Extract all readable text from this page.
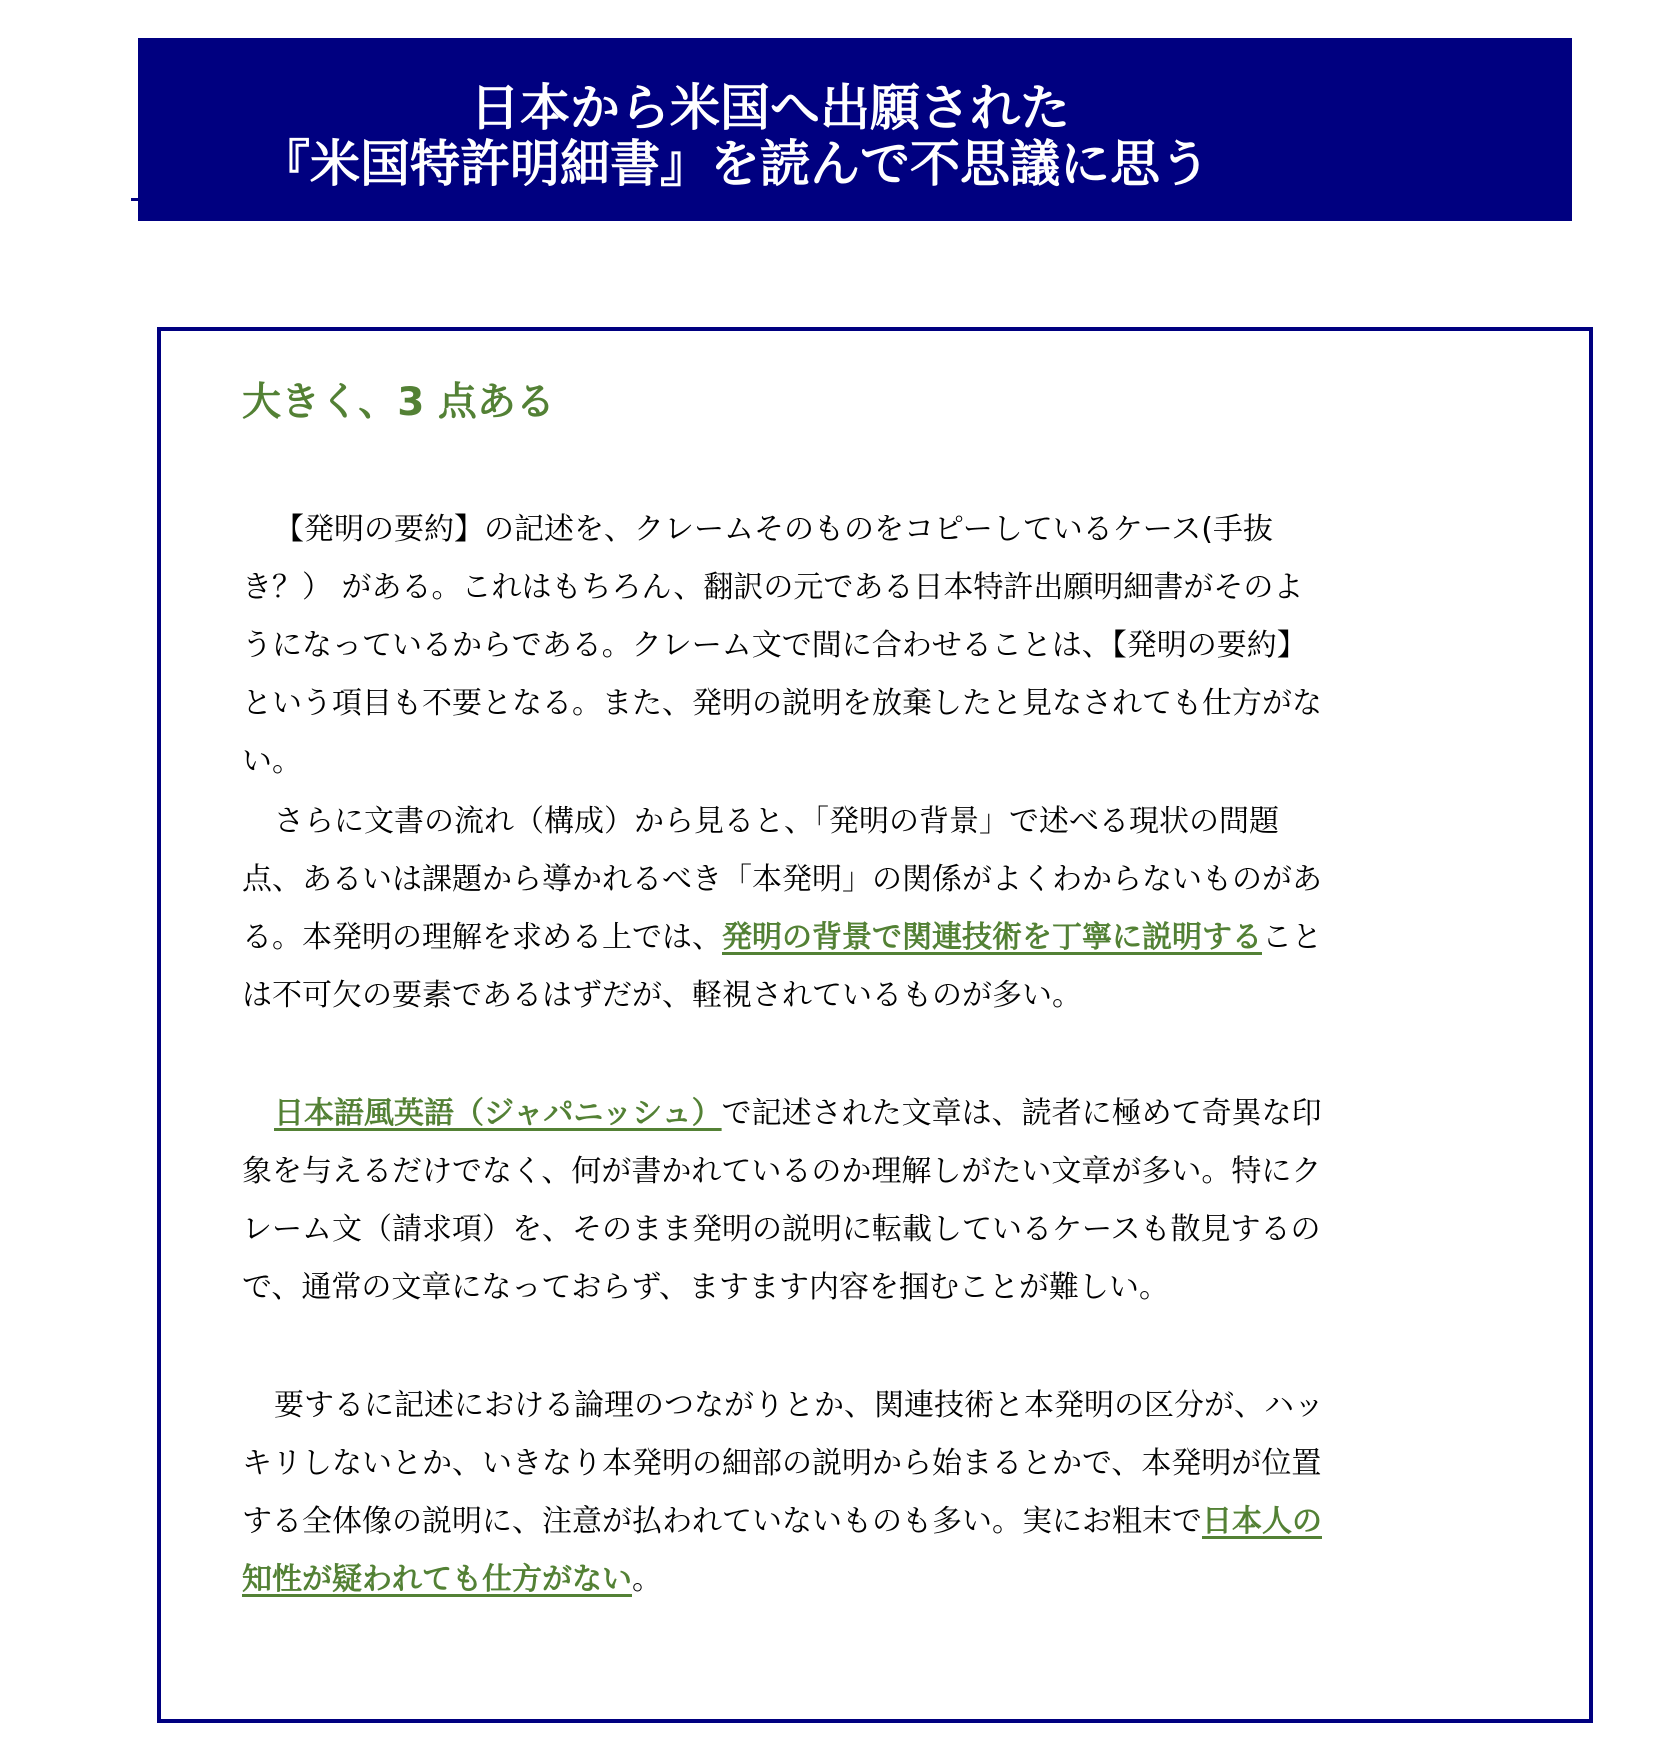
日本から米国へ出願された
『米国特許明細書』を読んで不思議に思う
大きく、3 点ある
【発明の要約】の記述を、クレームそのものをコピーしているケース(手抜き？） がある。これはもちろん、翻訳の元である日本特許出願明細書がそのようになっているからである。クレーム文で間に合わせることは、【発明の要約】という項目も不要となる。また、発明の説明を放棄したと見なされても仕方がない。
さらに文書の流れ（構成）から見ると、「発明の背景」で述べる現状の問題点、あるいは課題から導かれるべき「本発明」の関係がよくわからないものがある。本発明の理解を求める上では、発明の背景で関連技術を丁寧に説明することは不可欠の要素であるはずだが、軽視されているものが多い。
日本語風英語（ジャパニッシュ）で記述された文章は、読者に極めて奇異な印象を与えるだけでなく、何が書かれているのか理解しがたい文章が多い。特にクレーム文（請求項）を、そのまま発明の説明に転載しているケースも散見するので、通常の文章になっておらず、ますます内容を掴むことが難しい。
要するに記述における論理のつながりとか、関連技術と本発明の区分が、ハッキリしないとか、いきなり本発明の細部の説明から始まるとかで、本発明が位置する全体像の説明に、注意が払われていないものも多い。実にお粗末で日本人の知性が疑われても仕方がない。
